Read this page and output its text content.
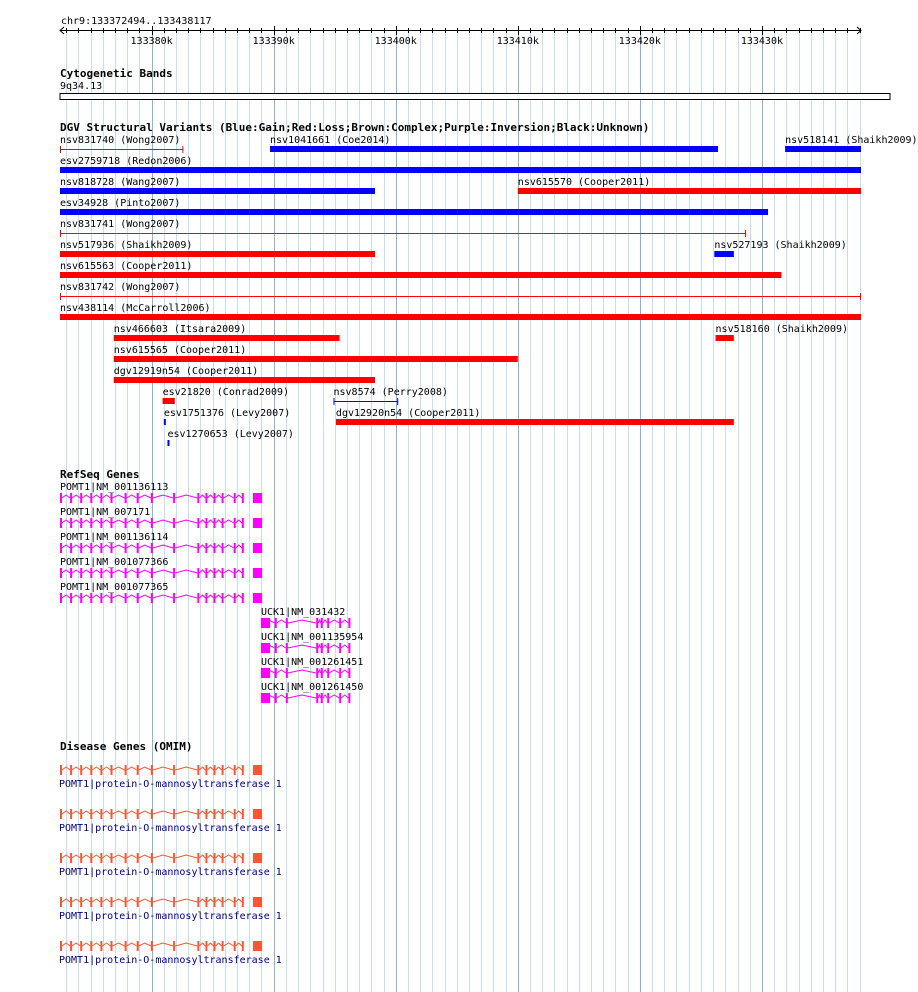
133380k	133390k	133400k	133410k	133420k	133430k
chr9:133372494..133438117
Cytogenetic Bands
9q34.13
DGV Structural Variants (Blue:Gain;Red:Loss;Brown:Complex;Purple:Inversion;Black:Unknown)
nsv831740 (Wong2007)	nsv1041661 (Coe2014)	nsv518141 (Shaikh2009)
esv2759718 (Redon2006)
nsv818728 (Wang2007)	nsv615570 (Cooper2011)
esv34928 (Pinto2007)
nsv831741 (Wong2007)
nsv517936 (Shaikh2009)	nsv527193 (Shaikh2009)
nsv615563 (Cooper2011)
nsv831742 (Wong2007)
nsv438114 (McCarroll2006)
nsv466603 (Itsara2009)	nsv518160 (Shaikh2009)
nsv615565 (Cooper2011)
dgv12919n54 (Cooper2011)
esv21820 (Conrad2009)	nsv8574 (Perry2008)
esv1751376 (Levy2007)	dgv12920n54 (Cooper2011)
esv1270653 (Levy2007)
RefSeq Genes
POMT1|NM_001136113
POMT1|NM_007171
POMT1|NM_001136114
POMT1|NM_001077366
POMT1|NM_001077365
UCK1|NM_031432
UCK1|NM_001135954
UCK1|NM_001261451
UCK1|NM_001261450
Disease Genes (OMIM)
POMT1|protein-O-mannosyltransferase 1
POMT1|protein-O-mannosyltransferase 1
POMT1|protein-O-mannosyltransferase 1
POMT1|protein-O-mannosyltransferase 1
POMT1|protein-O-mannosyltransferase 1
